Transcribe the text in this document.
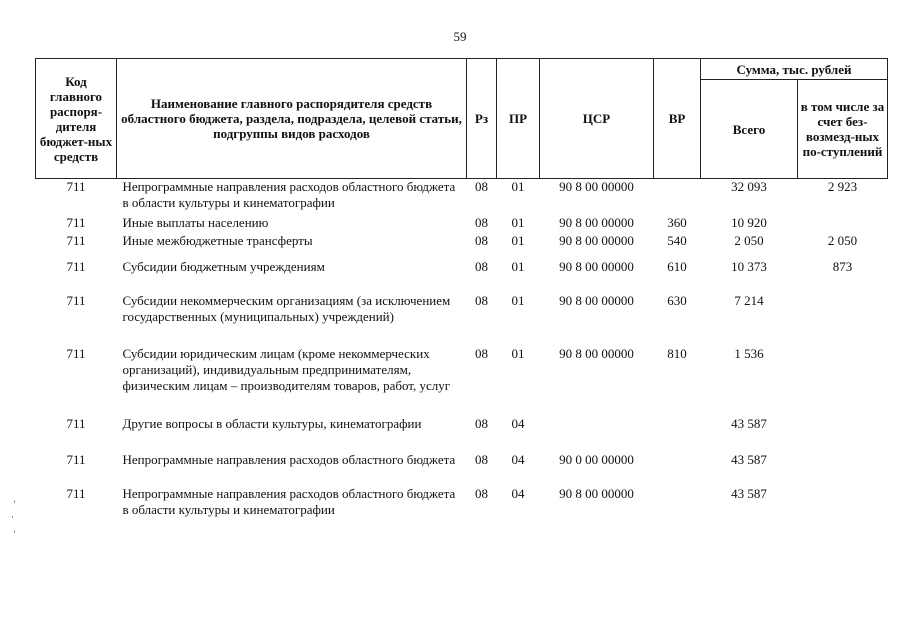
59
Код главного распоря-дителя бюджет-ных средств	Наименование главного распорядителя средств областного бюджета, раздела, подраздела, целевой статьи, подгруппы видов расходов	Рз	ПР	ЦСР	ВР	Сумма, тыс. рублей	
						Всего	в том числе за счет без-возмезд-ных по-ступлений
711	Непрограммные направления расходов областного бюджета в области культуры и кинематографии	08	01	90 8 00 00000		32 093	2 923
711	Иные выплаты населению	08	01	90 8 00 00000	360	10 920	
711	Иные межбюджетные трансферты	08	01	90 8 00 00000	540	2 050	2 050
711	Субсидии бюджетным учреждениям	08	01	90 8 00 00000	610	10 373	873
711	Субсидии некоммерческим организациям (за исключением государственных (муниципальных) учреждений)	08	01	90 8 00 00000	630	7 214	
711	Субсидии юридическим лицам (кроме некоммерческих организаций), индивидуальным предпринимателям, физическим лицам – производителям товаров, работ, услуг	08	01	90 8 00 00000	810	1 536	
711	Другие вопросы в области культуры, кинематографии	08	04			43 587	
711	Непрограммные направления расходов областного бюджета	08	04	90 0 00 00000		43 587	
711	Непрограммные направления расходов областного бюджета в области культуры и кинематографии	08	04	90 8 00 00000		43 587	
